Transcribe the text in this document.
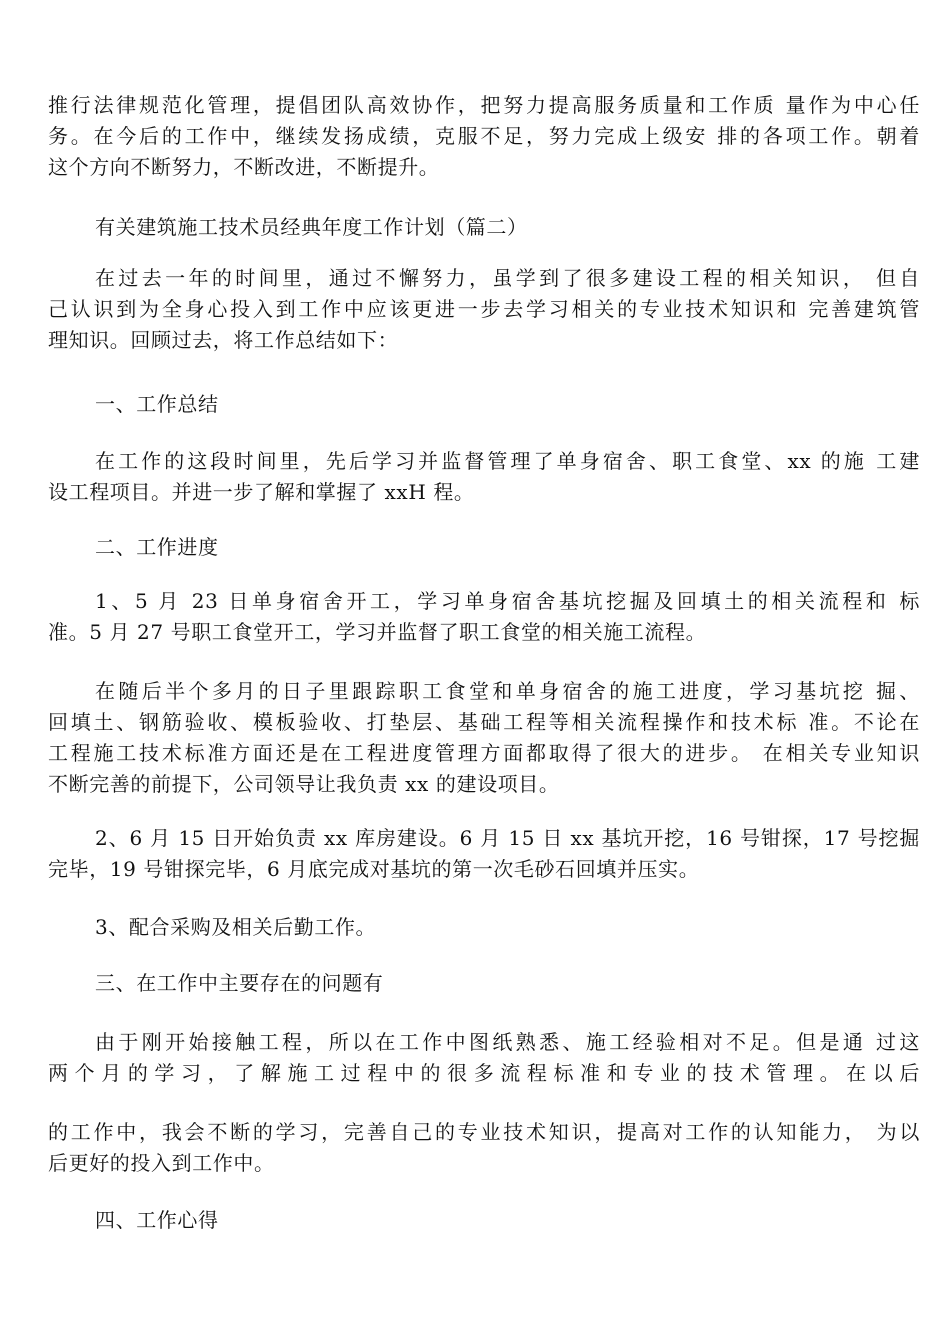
推行法律规范化管理，提倡团队高效协作，把努力提高服务质量和工作质 量作为中心任
务。在今后的工作中，继续发扬成绩，克服不足，努力完成上级安 排的各项工作。朝着
这个方向不断努力，不断改进，不断提升。
有关建筑施工技术员经典年度工作计划（篇二）
在过去一年的时间里，通过不懈努力，虽学到了很多建设工程的相关知识， 但自
己认识到为全身心投入到工作中应该更进一步去学习相关的专业技术知识和 完善建筑管
理知识。回顾过去，将工作总结如下：
一、工作总结
在工作的这段时间里，先后学习并监督管理了单身宿舍、职工食堂、xx 的施 工建
设工程项目。并进一步了解和掌握了 xxH 程。
二、工作进度
1、5 月 23 日单身宿舍开工，学习单身宿舍基坑挖掘及回填土的相关流程和 标
准。5 月 27 号职工食堂开工，学习并监督了职工食堂的相关施工流程。
在随后半个多月的日子里跟踪职工食堂和单身宿舍的施工进度，学习基坑挖 掘、
回填土、钢筋验收、模板验收、打垫层、基础工程等相关流程操作和技术标 准。不论在
工程施工技术标准方面还是在工程进度管理方面都取得了很大的进步。 在相关专业知识
不断完善的前提下，公司领导让我负责 xx 的建设项目。
2、6 月 15 日开始负责 xx 库房建设。6 月 15 日 xx 基坑开挖，16 号钳探，17 号挖掘
完毕，19 号钳探完毕，6 月底完成对基坑的第一次毛砂石回填并压实。
3、配合采购及相关后勤工作。
三、在工作中主要存在的问题有
由于刚开始接触工程，所以在工作中图纸熟悉、施工经验相对不足。但是通 过这
两个月的学习，了解施工过程中的很多流程标准和专业的技术管理。在以后
的工作中，我会不断的学习，完善自己的专业技术知识，提高对工作的认知能力， 为以
后更好的投入到工作中。
四、工作心得
